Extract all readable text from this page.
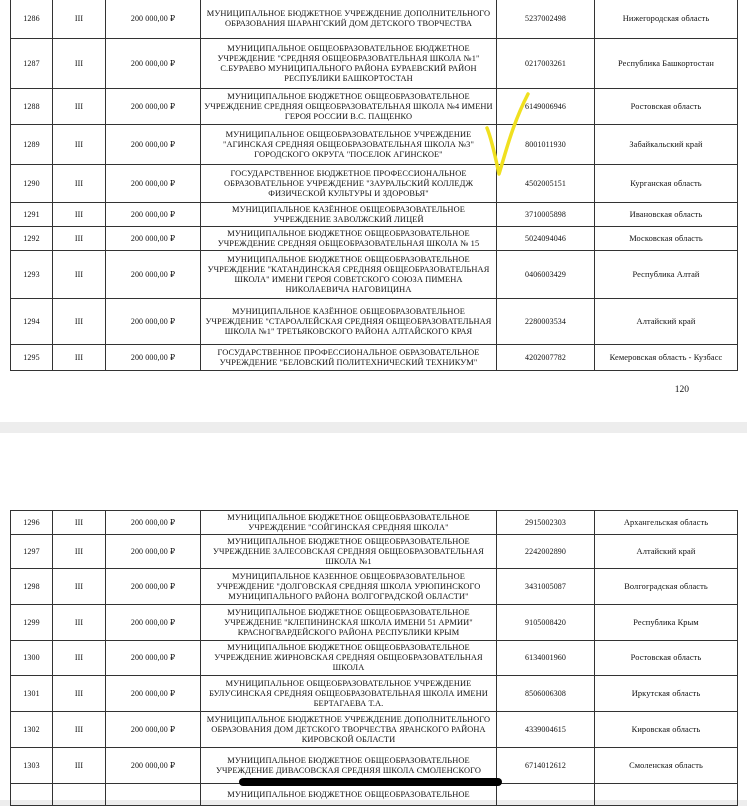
1286	III	200 000,00 ₽	МУНИЦИПАЛЬНОЕ БЮДЖЕТНОЕ УЧРЕЖДЕНИЕ ДОПОЛНИТЕЛЬНОГО ОБРАЗОВАНИЯ ШАРАНГСКИЙ ДОМ ДЕТСКОГО ТВОРЧЕСТВА	5237002498	Нижегородская область
1287	III	200 000,00 ₽	МУНИЦИПАЛЬНОЕ ОБЩЕОБРАЗОВАТЕЛЬНОЕ БЮДЖЕТНОЕ УЧРЕЖДЕНИЕ "СРЕДНЯЯ ОБЩЕОБРАЗОВАТЕЛЬНАЯ ШКОЛА №1" С.БУРАЕВО МУНИЦИПАЛЬНОГО РАЙОНА БУРАЕВСКИЙ РАЙОН РЕСПУБЛИКИ БАШКОРТОСТАН	0217003261	Республика Башкортостан
1288	III	200 000,00 ₽	МУНИЦИПАЛЬНОЕ БЮДЖЕТНОЕ ОБЩЕОБРАЗОВАТЕЛЬНОЕ УЧРЕЖДЕНИЕ СРЕДНЯЯ ОБЩЕОБРАЗОВАТЕЛЬНАЯ ШКОЛА №4 ИМЕНИ ГЕРОЯ РОССИИ В.С. ПАЩЕНКО	6149006946	Ростовская область
1289	III	200 000,00 ₽	МУНИЦИПАЛЬНОЕ ОБЩЕОБРАЗОВАТЕЛЬНОЕ УЧРЕЖДЕНИЕ "АГИНСКАЯ СРЕДНЯЯ ОБЩЕОБРАЗОВАТЕЛЬНАЯ ШКОЛА №3" ГОРОДСКОГО ОКРУГА "ПОСЕЛОК АГИНСКОЕ"	8001011930	Забайкальский край
1290	III	200 000,00 ₽	ГОСУДАРСТВЕННОЕ БЮДЖЕТНОЕ ПРОФЕССИОНАЛЬНОЕ ОБРАЗОВАТЕЛЬНОЕ УЧРЕЖДЕНИЕ "ЗАУРАЛЬСКИЙ КОЛЛЕДЖ ФИЗИЧЕСКОЙ КУЛЬТУРЫ И ЗДОРОВЬЯ"	4502005151	Курганская область
1291	III	200 000,00 ₽	МУНИЦИПАЛЬНОЕ КАЗЁННОЕ ОБЩЕОБРАЗОВАТЕЛЬНОЕ УЧРЕЖДЕНИЕ ЗАВОЛЖСКИЙ ЛИЦЕЙ	3710005898	Ивановская область
1292	III	200 000,00 ₽	МУНИЦИПАЛЬНОЕ БЮДЖЕТНОЕ ОБЩЕОБРАЗОВАТЕЛЬНОЕ УЧРЕЖДЕНИЕ СРЕДНЯЯ ОБЩЕОБРАЗОВАТЕЛЬНАЯ ШКОЛА № 15	5024094046	Московская область
1293	III	200 000,00 ₽	МУНИЦИПАЛЬНОЕ БЮДЖЕТНОЕ ОБЩЕОБРАЗОВАТЕЛЬНОЕ УЧРЕЖДЕНИЕ "КАТАНДИНСКАЯ СРЕДНЯЯ ОБЩЕОБРАЗОВАТЕЛЬНАЯ ШКОЛА" ИМЕНИ ГЕРОЯ СОВЕТСКОГО СОЮЗА ПИМЕНА НИКОЛАЕВИЧА НАГОВИЦИНА	0406003429	Республика Алтай
1294	III	200 000,00 ₽	МУНИЦИПАЛЬНОЕ КАЗЁННОЕ ОБЩЕОБРАЗОВАТЕЛЬНОЕ УЧРЕЖДЕНИЕ "СТАРОАЛЕЙСКАЯ СРЕДНЯЯ ОБЩЕОБРАЗОВАТЕЛЬНАЯ ШКОЛА №1" ТРЕТЬЯКОВСКОГО РАЙОНА АЛТАЙСКОГО КРАЯ	2280003534	Алтайский край
1295	III	200 000,00 ₽	ГОСУДАРСТВЕННОЕ ПРОФЕССИОНАЛЬНОЕ ОБРАЗОВАТЕЛЬНОЕ УЧРЕЖДЕНИЕ "БЕЛОВСКИЙ ПОЛИТЕХНИЧЕСКИЙ ТЕХНИКУМ"	4202007782	Кемеровская область - Кузбасс
120
1296	III	200 000,00 ₽	МУНИЦИПАЛЬНОЕ БЮДЖЕТНОЕ ОБЩЕОБРАЗОВАТЕЛЬНОЕ УЧРЕЖДЕНИЕ "СОЙГИНСКАЯ СРЕДНЯЯ ШКОЛА"	2915002303	Архангельская область
1297	III	200 000,00 ₽	МУНИЦИПАЛЬНОЕ БЮДЖЕТНОЕ ОБЩЕОБРАЗОВАТЕЛЬНОЕ УЧРЕЖДЕНИЕ ЗАЛЕСОВСКАЯ СРЕДНЯЯ ОБЩЕОБРАЗОВАТЕЛЬНАЯ ШКОЛА №1	2242002890	Алтайский край
1298	III	200 000,00 ₽	МУНИЦИПАЛЬНОЕ КАЗЕННОЕ ОБЩЕОБРАЗОВАТЕЛЬНОЕ УЧРЕЖДЕНИЕ "ДОЛГОВСКАЯ СРЕДНЯЯ ШКОЛА УРЮПИНСКОГО МУНИЦИПАЛЬНОГО РАЙОНА ВОЛГОГРАДСКОЙ ОБЛАСТИ"	3431005087	Волгоградская область
1299	III	200 000,00 ₽	МУНИЦИПАЛЬНОЕ БЮДЖЕТНОЕ ОБЩЕОБРАЗОВАТЕЛЬНОЕ УЧРЕЖДЕНИЕ "КЛЕПИНИНСКАЯ ШКОЛА ИМЕНИ 51 АРМИИ" КРАСНОГВАРДЕЙСКОГО РАЙОНА РЕСПУБЛИКИ КРЫМ	9105008420	Республика Крым
1300	III	200 000,00 ₽	МУНИЦИПАЛЬНОЕ БЮДЖЕТНОЕ ОБЩЕОБРАЗОВАТЕЛЬНОЕ УЧРЕЖДЕНИЕ ЖИРНОВСКАЯ СРЕДНЯЯ ОБЩЕОБРАЗОВАТЕЛЬНАЯ ШКОЛА	6134001960	Ростовская область
1301	III	200 000,00 ₽	МУНИЦИПАЛЬНОЕ ОБЩЕОБРАЗОВАТЕЛЬНОЕ УЧРЕЖДЕНИЕ БУЛУСИНСКАЯ СРЕДНЯЯ ОБЩЕОБРАЗОВАТЕЛЬНАЯ ШКОЛА ИМЕНИ БЕРТАГАЕВА Т.А.	8506006308	Иркутская область
1302	III	200 000,00 ₽	МУНИЦИПАЛЬНОЕ БЮДЖЕТНОЕ УЧРЕЖДЕНИЕ ДОПОЛНИТЕЛЬНОГО ОБРАЗОВАНИЯ ДОМ ДЕТСКОГО ТВОРЧЕСТВА ЯРАНСКОГО РАЙОНА КИРОВСКОЙ ОБЛАСТИ	4339004615	Кировская область
1303	III	200 000,00 ₽	МУНИЦИПАЛЬНОЕ БЮДЖЕТНОЕ ОБЩЕОБРАЗОВАТЕЛЬНОЕ УЧРЕЖДЕНИЕ ДИВАСОВСКАЯ СРЕДНЯЯ ШКОЛА СМОЛЕНСКОГО	6714012612	Смоленская область
			МУНИЦИПАЛЬНОЕ БЮДЖЕТНОЕ ОБЩЕОБРАЗОВАТЕЛЬНОЕ		
